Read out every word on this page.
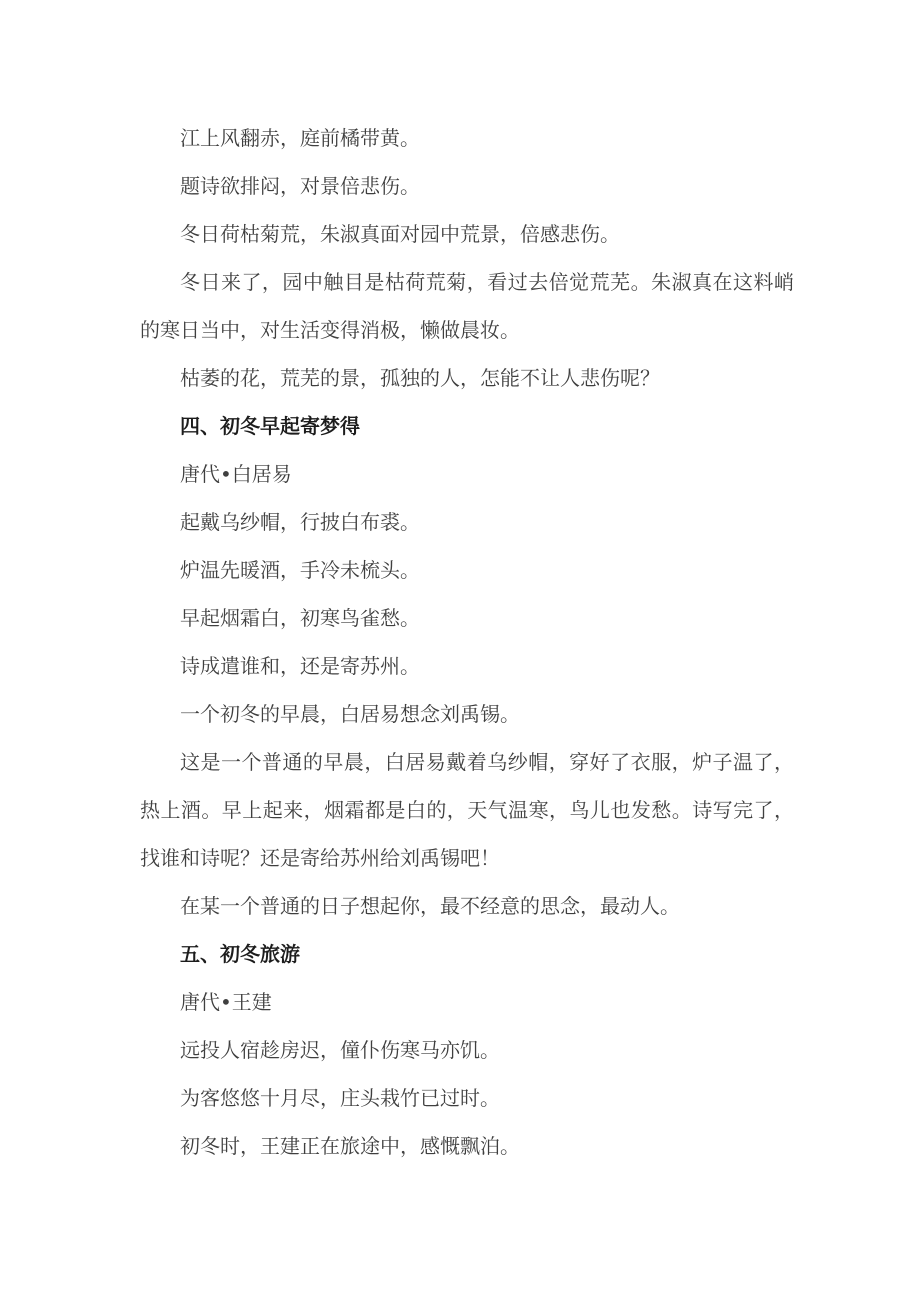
江上风翻赤，庭前橘带黄。

题诗欲排闷，对景倍悲伤。

冬日荷枯菊荒，朱淑真面对园中荒景，倍感悲伤。

冬日来了，园中触目是枯荷荒菊，看过去倍觉荒芜。朱淑真在这料峭的寒日当中，对生活变得消极，懒做晨妆。

枯萎的花，荒芜的景，孤独的人，怎能不让人悲伤呢？

四、初冬早起寄梦得

唐代•白居易

起戴乌纱帽，行披白布裘。

炉温先暖酒，手冷未梳头。

早起烟霜白，初寒鸟雀愁。

诗成遣谁和，还是寄苏州。

一个初冬的早晨，白居易想念刘禹锡。

这是一个普通的早晨，白居易戴着乌纱帽，穿好了衣服，炉子温了，热上酒。早上起来，烟霜都是白的，天气温寒，鸟儿也发愁。诗写完了，找谁和诗呢？还是寄给苏州给刘禹锡吧！

在某一个普通的日子想起你，最不经意的思念，最动人。

五、初冬旅游

唐代•王建

远投人宿趁房迟，僮仆伤寒马亦饥。

为客悠悠十月尽，庄头栽竹已过时。

初冬时，王建正在旅途中，感慨飘泊。
